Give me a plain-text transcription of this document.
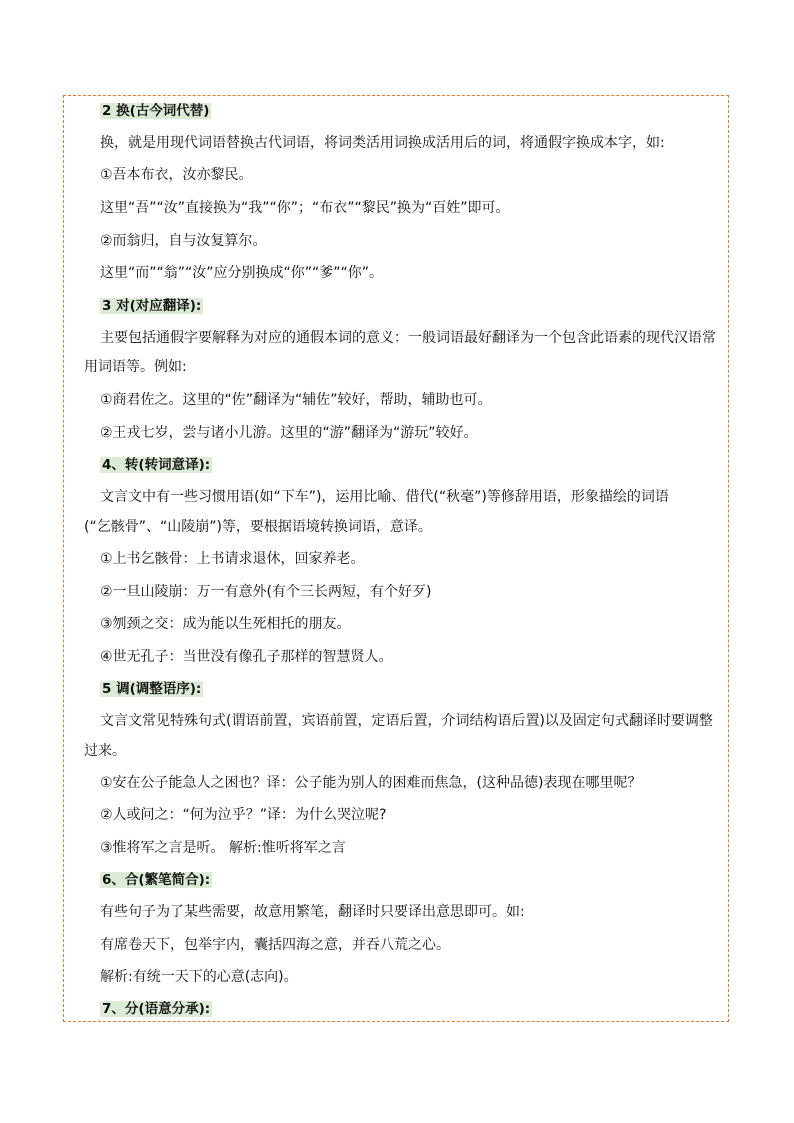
2 换(古今词代替)
换，就是用现代词语替换古代词语，将词类活用词换成活用后的词，将通假字换成本字，如:
①吾本布衣，汝亦黎民。
这里“吾”“汝”直接换为“我”“你”；“布衣”“黎民”换为“百姓”即可。
②而翁归，自与汝复算尔。
这里“而”“翁”“汝”应分别换成“你”“爹”“你”。
3 对(对应翻译):
主要包括通假字要解释为对应的通假本词的意义：一般词语最好翻译为一个包含此语素的现代汉语常
用词语等。例如:
①商君佐之。这里的“佐”翻译为“辅佐”较好，帮助，辅助也可。
②王戎七岁，尝与诸小儿游。这里的“游”翻译为“游玩”较好。
4、转(转词意译):
文言文中有一些习惯用语(如“下车”)，运用比喻、借代(“秋毫”)等修辞用语，形象描绘的词语
(“乞骸骨”、“山陵崩”)等，要根据语境转换词语，意译。
①上书乞骸骨：上书请求退休，回家养老。
②一旦山陵崩：万一有意外(有个三长两短，有个好歹)
③刎颈之交：成为能以生死相托的朋友。
④世无孔子：当世没有像孔子那样的智慧贤人。
5 调(调整语序):
文言文常见特殊句式(谓语前置，宾语前置，定语后置，介词结构语后置)以及固定句式翻译时要调整
过来。
①安在公子能急人之困也？译：公子能为别人的困难而焦急，(这种品德)表现在哪里呢？
②人或问之：“何为泣乎？”译：为什么哭泣呢?
③惟将军之言是听。 解析:惟听将军之言
6、合(繁笔简合):
有些句子为了某些需要，故意用繁笔，翻译时只要译出意思即可。如:
有席卷天下，包举宇内，囊括四海之意，并吞八荒之心。
解析:有统一天下的心意(志向)。
7、分(语意分承):
